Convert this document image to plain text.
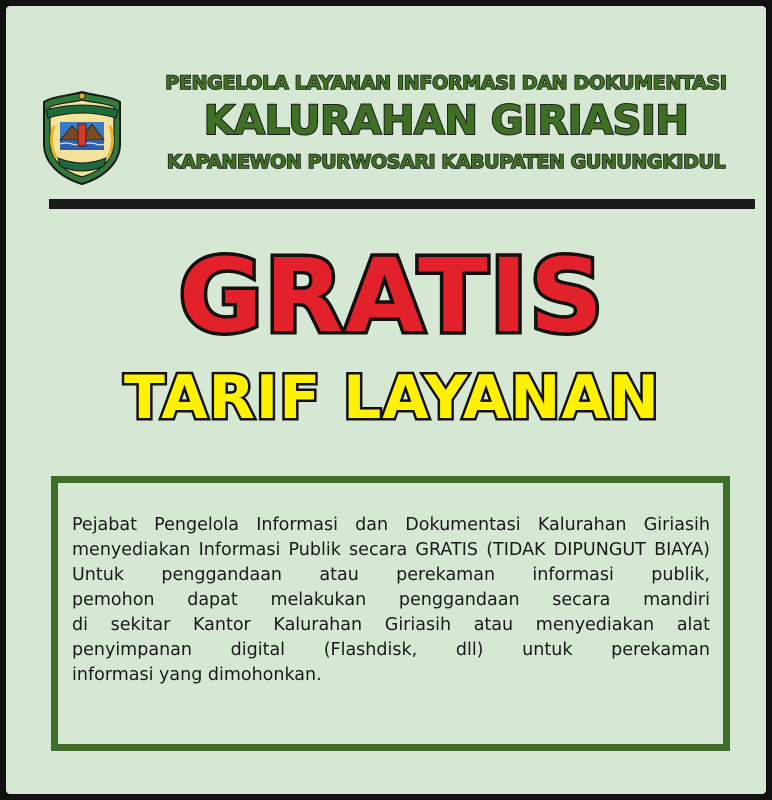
PENGELOLA LAYANAN INFORMASI DAN DOKUMENTASI
KALURAHAN GIRIASIH
KAPANEWON PURWOSARI KABUPATEN GUNUNGKIDUL
GRATIS
TARIF LAYANAN
Pejabat Pengelola Informasi dan Dokumentasi Kalurahan Giriasih
menyediakan Informasi Publik secara GRATIS (TIDAK DIPUNGUT BIAYA)
Untuk penggandaan atau perekaman informasi publik,
pemohon dapat melakukan penggandaan secara mandiri
di sekitar Kantor Kalurahan Giriasih atau menyediakan alat
penyimpanan digital (Flashdisk, dll) untuk perekaman
informasi yang dimohonkan.
